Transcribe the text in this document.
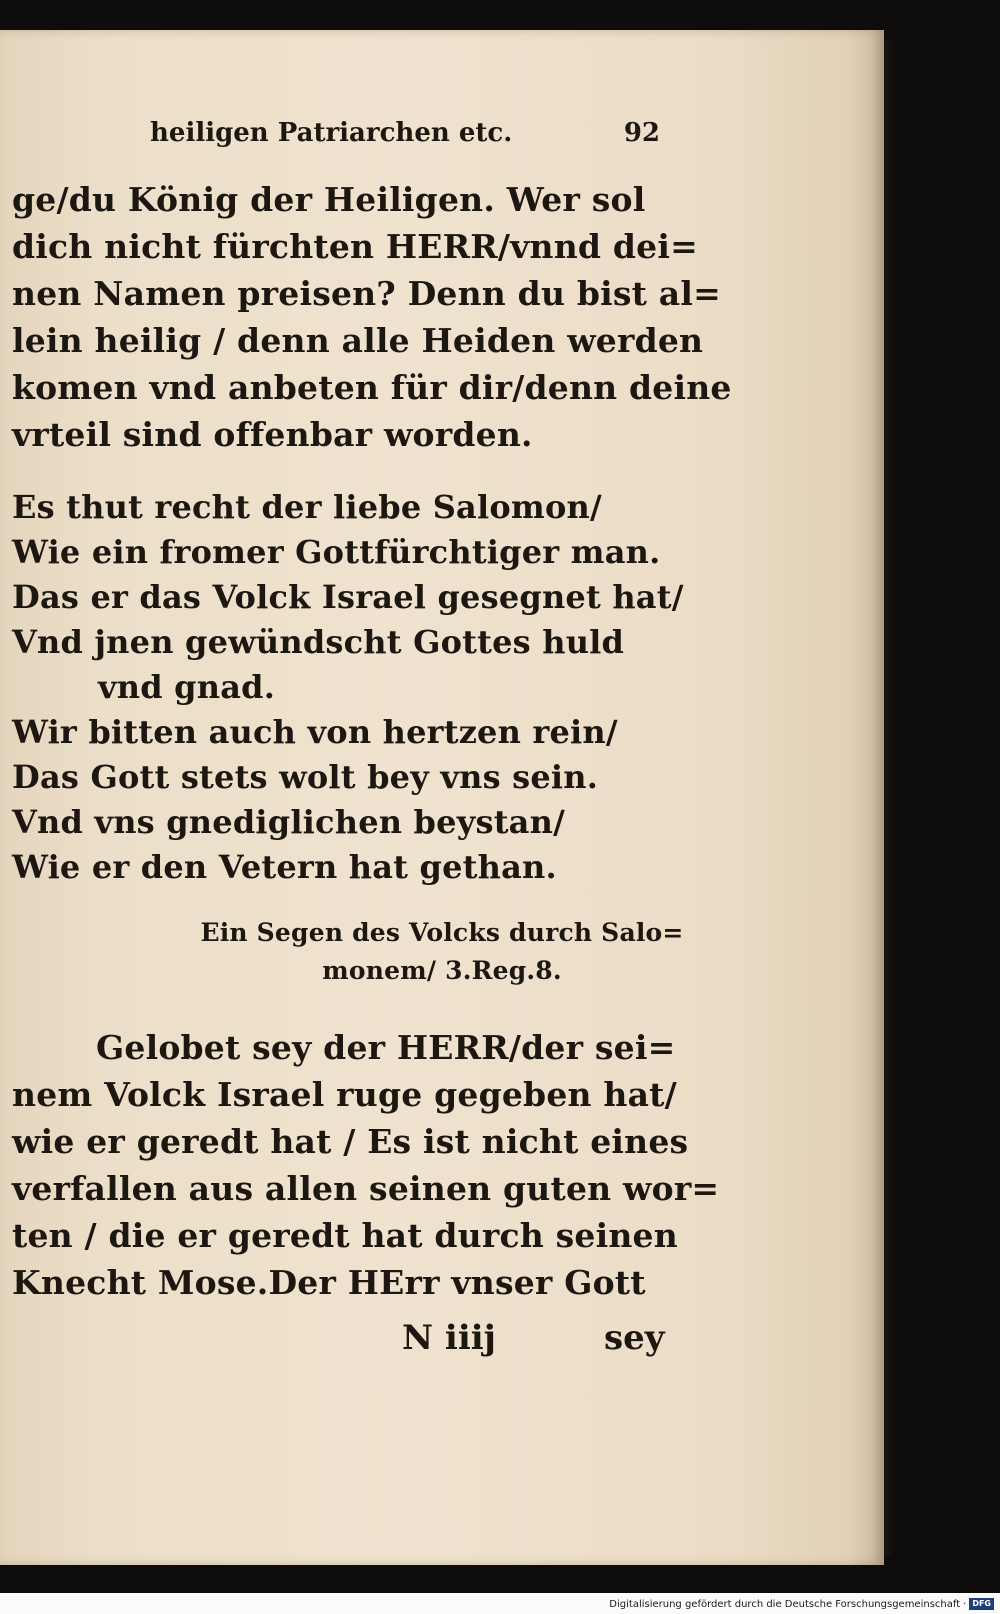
heiligen Patriarchen etc.	92
ge/du König der Heiligen. Wer sol
dich nicht fürchten HERR/vnnd dei=
nen Namen preisen? Denn du bist al=
lein heilig / denn alle Heiden werden
komen vnd anbeten für dir/denn deine
vrteil sind offenbar worden.
Es thut recht der liebe Salomon/
Wie ein fromer Gottfürchtiger man.
Das er das Volck Israel gesegnet hat/
Vnd jnen gewündscht Gottes huld
vnd gnad.
Wir bitten auch von hertzen rein/
Das Gott stets wolt bey vns sein.
Vnd vns gnediglichen beystan/
Wie er den Vetern hat gethan.
Ein Segen des Volcks durch Salo=
monem/ 3.Reg.8.
Gelobet sey der HERR/der sei=
nem Volck Israel ruge gegeben hat/
wie er geredt hat / Es ist nicht eines
verfallen aus allen seinen guten wor=
ten / die er geredt hat durch seinen
Knecht Mose.Der HErr vnser Gott
N iiij	sey
Digitalisierung gefördert durch die Deutsche Forschungsgemeinschaft · DFG
